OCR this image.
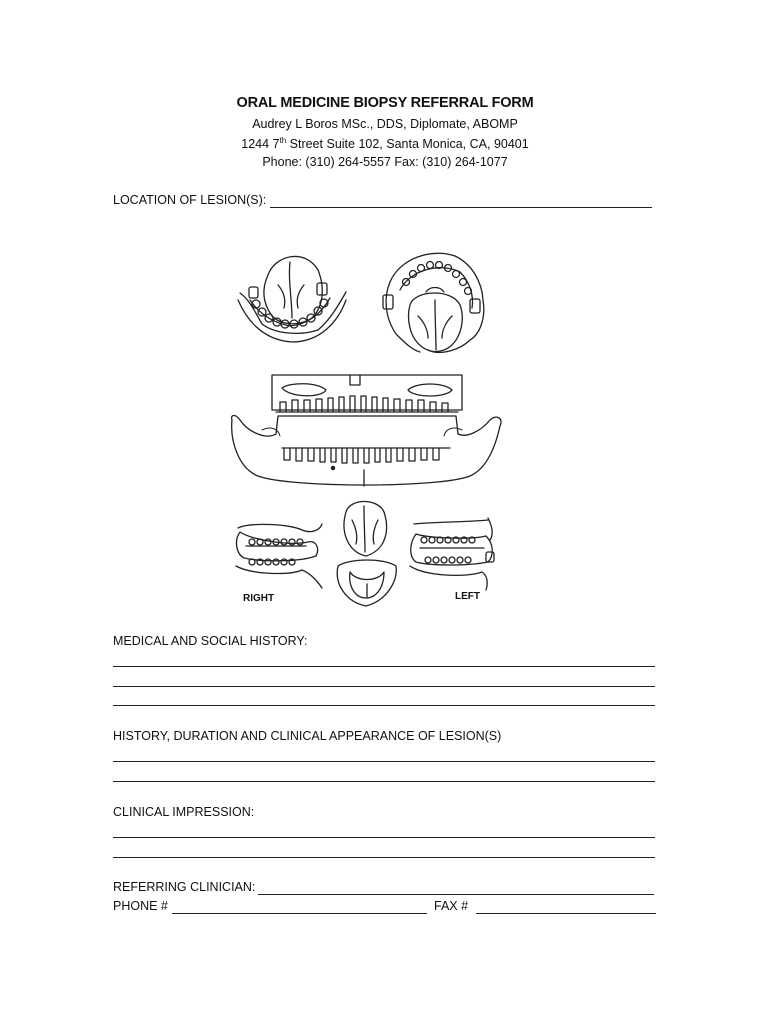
ORAL MEDICINE BIOPSY REFERRAL FORM
Audrey L Boros MSc., DDS, Diplomate, ABOMP
1244 7th Street Suite 102, Santa Monica, CA, 90401
Phone: (310) 264-5557 Fax: (310) 264-1077
LOCATION OF LESION(S):
RIGHT	LEFT
MEDICAL AND SOCIAL HISTORY:
HISTORY, DURATION AND CLINICAL APPEARANCE OF LESION(S)
CLINICAL IMPRESSION:
REFERRING CLINICIAN:
PHONE #	FAX #
